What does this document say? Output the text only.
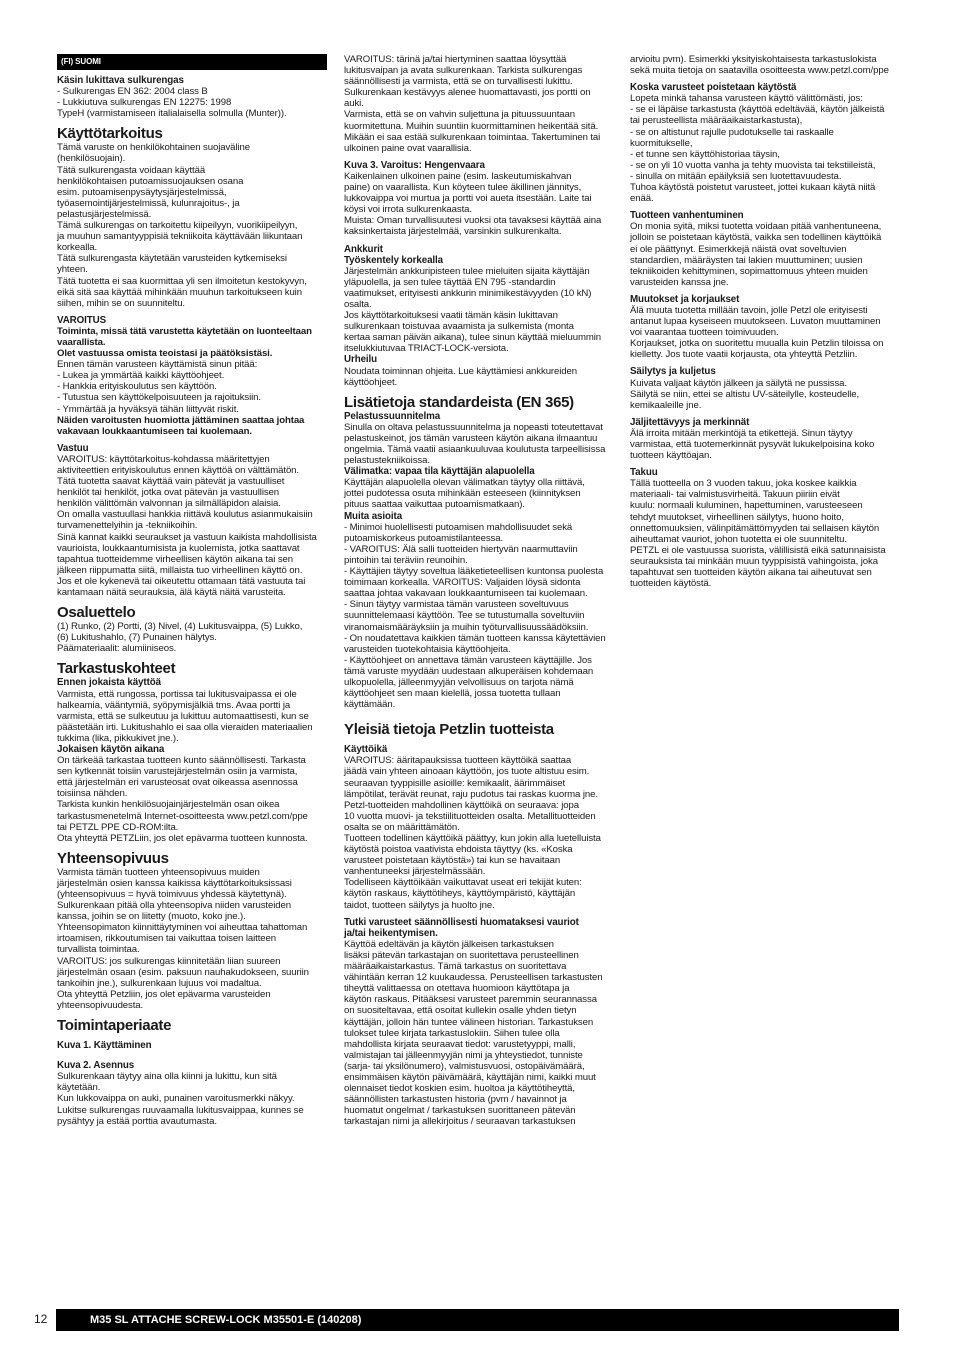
(FI) SUOMI

Käsin lukittava sulkurengas

- Sulkurengas EN 362: 2004 class B
- Lukkiutuva sulkurengas EN 12275: 1998
TypeH (varmistamiseen italialaisella solmulla (Munter)).

Käyttötarkoitus

Tämä varuste on henkilökohtainen suojaväline
(henkilösuojain).
Tätä sulkurengasta voidaan käyttää
henkilökohtaisen putoamissuojauksen osana
esim. putoamisenpysäytysjärjestelmissä,
työasemointijärjestelmissä, kulunrajoitus-, ja
pelastusjärjestelmissä.
Tämä sulkurengas on tarkoitettu kiipeilyyn, vuorikiipeilyyn,
ja muuhun samantyyppisiä tekniikoita käyttävään liikuntaan
korkealla.
Tätä sulkurengasta käytetään varusteiden kytkemiseksi
yhteen.
Tätä tuotetta ei saa kuormittaa yli sen ilmoitetun kestokyvyn,
eikä sitä saa käyttää mihinkään muuhun tarkoitukseen kuin
siihen, mihin se on suunniteltu.

VAROITUS

Toiminta, missä tätä varustetta käytetään on luonteeltaan
vaarallista.
Olet vastuussa omista teoistasi ja päätöksistäsi.

Ennen tämän varusteen käyttämistä sinun pitää:
- Lukea ja ymmärtää kaikki käyttöohjeet.
- Hankkia erityiskoulutus sen käyttöön.
- Tutustua sen käyttökelpoisuuteen ja rajoituksiin.
- Ymmärtää ja hyväksyä tähän liittyvät riskit.

Näiden varoitusten huomiotta jättäminen saattaa johtaa
vakavaan loukkaantumiseen tai kuolemaan.

Vastuu

VAROITUS: käyttötarkoitus-kohdassa määritettyjen
aktiviteettien erityiskoulutus ennen käyttöä on välttämätön.
Tätä tuotetta saavat käyttää vain pätevät ja vastuulliset
henkilöt tai henkilöt, jotka ovat pätevän ja vastuullisen
henkilön välittömän valvonnan ja silmälläpidon alaisia.
On omalla vastuullasi hankkia riittävä koulutus asianmukaisiin
turvamenettelyihin ja -tekniikoihin.
Sinä kannat kaikki seuraukset ja vastuun kaikista mahdollisista
vaurioista, loukkaantumisista ja kuolemista, jotka saattavat
tapahtua tuotteidemme virheellisen käytön aikana tai sen
jälkeen riippumatta siitä, millaista tuo virheellinen käyttö on.
Jos et ole kykenevä tai oikeutettu ottamaan tätä vastuuta tai
kantamaan näitä seurauksia, älä käytä näitä varusteita.

Osaluettelo

(1) Runko, (2) Portti, (3) Nivel, (4) Lukitusvaippa, (5) Lukko,
(6) Lukitushahlo, (7) Punainen hälytys.
Päämateriaalit: alumiiniseos.

Tarkastuskohteet

Ennen jokaista käyttöä

Varmista, että rungossa, portissa tai lukitusvaipassa ei ole
halkeamia, vääntymiä, syöpymisjälkiä tms. Avaa portti ja
varmista, että se sulkeutuu ja lukittuu automaattisesti, kun se
päästetään irti. Lukitushahlo ei saa olla vieraiden materiaalien
tukkima (lika, pikkukivet jne.).

Jokaisen käytön aikana

On tärkeää tarkastaa tuotteen kunto säännöllisesti. Tarkasta
sen kytkennät toisiin varustejärjestelmän osiin ja varmista,
että järjestelmän eri varusteosat ovat oikeassa asennossa
toisiinsa nähden.
Tarkista kunkin henkilösuojainjärjestelmän osan oikea
tarkastusmenetelmä Internet-osoitteesta www.petzl.com/ppe
tai PETZL PPE CD-ROM:ilta.
Ota yhteyttä PETZLiin, jos olet epävarma tuotteen kunnosta.

Yhteensopivuus

Varmista tämän tuotteen yhteensopivuus muiden
järjestelmän osien kanssa kaikissa käyttötarkoituksissasi
(yhteensopivuus = hyvä toimivuus yhdessä käytettynä).
Sulkurenkaan pitää olla yhteensopiva niiden varusteiden
kanssa, joihin se on liitetty (muoto, koko jne.).
Yhteensopimaton kiinnittäytyminen voi aiheuttaa tahattoman
irtoamisen, rikkoutumisen tai vaikuttaa toisen laitteen
turvallista toimintaa.
VAROITUS: jos sulkurengas kiinnitetään liian suureen
järjestelmän osaan (esim. paksuun nauhakudokseen, suuriin
tankoihin jne.), sulkurenkaan lujuus voi madaltua.
Ota yhteyttä Petzliin, jos olet epävarma varusteiden
yhteensopivuudesta.

Toimintaperiaate

Kuva 1. Käyttäminen

Kuva 2. Asennus

Sulkurenkaan täytyy aina olla kiinni ja lukittu, kun sitä
käytetään.
Kun lukkovaippa on auki, punainen varoitusmerkki näkyy.
Lukitse sulkurengas ruuvaamalla lukitusvaippaa, kunnes se
pysähtyy ja estää porttia avautumasta.

VAROITUS: tärinä ja/tai hiertyminen saattaa löysyttää
lukitusvaipan ja avata sulkurenkaan. Tarkista sulkurengas
säännöllisesti ja varmista, että se on turvallisesti lukittu.
Sulkurenkaan kestävyys alenee huomattavasti, jos portti on auki.
Varmista, että se on vahvin suljettuna ja pituussuuntaan
kuormitettuna. Muihin suuntiin kuormittaminen heikentää sitä.
Mikään ei saa estää sulkurenkaan toimintaa. Takertuminen tai
ulkoinen paine ovat vaarallisia.

Kuva 3. Varoitus: Hengenvaara

Kaikenlainen ulkoinen paine (esim. laskeutumiskahvan
paine) on vaarallista. Kun köyteen tulee äkillinen jännitys,
lukkovaippa voi murtua ja portti voi aueta itsestään. Laite tai
köysi voi irrota sulkurenkaasta.
Muista: Oman turvallisuutesi vuoksi ota tavaksesi käyttää aina
kaksinkertaista järjestelmää, varsinkin sulkurenkalta.

Ankkurit

Työskentely korkealla

Järjestelmän ankkuripisteen tulee mieluiten sijaita käyttäjän
yläpuolella, ja sen tulee täyttää EN 795 -standardin
vaatimukset, erityisesti ankkurin minimikestävyyden (10 kN)
osalta.
Jos käyttötarkoituksesi vaatii tämän käsin lukittavan
sulkurenkaan toistuvaa avaamista ja sulkemista (monta
kertaa saman päivän aikana), tulee sinun käyttää mieluummin
itselukkiutuvaa TRIACT-LOCK-versiota.

Urheilu

Noudata toiminnan ohjeita. Lue käyttämiesi ankkureiden
käyttöohjeet.

Lisätietoja standardeista (EN 365)

Pelastussuunnitelma

Sinulla on oltava pelastussuunnitelma ja nopeasti toteutettavat
pelastuskeinot, jos tämän varusteen käytön aikana ilmaantuu
ongelmia. Tämä vaatii asiaankuuluvaa koulutusta tarpeellisissa
pelastustekniikoissa.

Välimatka: vapaa tila käyttäjän alapuolella

Käyttäjän alapuolella olevan välimatkan täytyy olla riittävä,
jottei pudotessa osuta mihinkään esteeseen (kiinnityksen
pituus saattaa vaikuttaa putoamismatkaan).

Muita asioita

- Minimoi huolellisesti putoamisen mahdollisuudet sekä
putoamiskorkeus putoamistilanteessa.
- VAROITUS: Älä salli tuotteiden hiertyvän naarmuttaviin
pintoihin tai teräviin reunoihin.
- Käyttäjien täytyy soveltua lääketieteellisen kuntonsa puolesta
toimimaan korkealla. VAROITUS: Valjaiden löysä sidonta
saattaa johtaa vakavaan loukkaantumiseen tai kuolemaan.
- Sinun täytyy varmistaa tämän varusteen soveltuvuus
suunnittelemaasi käyttöön. Tee se tutustumalla soveltuviin
viranomaismääräyksiin ja muihin työturvallisuussäädöksiin.
- On noudatettava kaikkien tämän tuotteen kanssa käytettävien
varusteiden tuotekohtaisia käyttöohjeita.
- Käyttöohjeet on annettava tämän varusteen käyttäjille. Jos
tämä varuste myydään uudestaan alkuperäisen kohdemaan
ulkopuolella, jälleenmyyjän velvollisuus on tarjota nämä
käyttöohjeet sen maan kielellä, jossa tuotetta tullaan
käyttämään.

Yleisiä tietoja Petzlin tuotteista

Käyttöikä

VAROITUS: ääritapauksissa tuotteen käyttöikä saattaa
jäädä vain yhteen ainoaan käyttöön, jos tuote altistuu esim.
seuraavan tyyppisille asioille: kemikaalit, äärimmäiset
lämpötilat, terävät reunat, raju pudotus tai raskas kuorma jne.
Petzl-tuotteiden mahdollinen käyttöikä on seuraava: jopa
10 vuotta muovi- ja tekstiilituotteiden osalta. Metallituotteiden
osalta se on määrittämätön.
Tuotteen todellinen käyttöikä päättyy, kun jokin alla luetelluista
käytöstä poistoa vaativista ehdoista täyttyy (ks. «Koska
varusteet poistetaan käytöstä») tai kun se havaitaan
vanhentuneeksi järjestelmässään.
Todelliseen käyttöikään vaikuttavat useat eri tekijät kuten:
käytön raskaus, käyttötiheys, käyttöympäristö, käyttäjän
taidot, tuotteen säilytys ja huolto jne.

Tutki varusteet säännöllisesti huomataksesi vauriot
ja/tai heikentymisen.

Käyttöä edeltävän ja käytön jälkeisen tarkastuksen
lisäksi pätevän tarkastajan on suoritettava perusteellinen
määräaikaistarkastus. Tämä tarkastus on suoritettava
vähintään kerran 12 kuukaudessa. Perusteellisen tarkastusten
tiheyttä valittaessa on otettava huomioon käyttötapa ja
käytön raskaus. Pitääksesi varusteet paremmin seurannassa
on suositeltavaa, että osoitat kullekin osalle yhden tietyn
käyttäjän, jolloin hän tuntee välineen historian. Tarkastuksen
tulokset tulee kirjata tarkastuslokiin. Siihen tulee olla
mahdollista kirjata seuraavat tiedot: varustetyyppi, malli,
valmistajan tai jälleenmyyjän nimi ja yhteystiedot, tunniste
(sarja- tai yksilönumero), valmistusvuosi, ostopäivämäärä,
ensimmäisen käytön päivämäärä, käyttäjän nimi, kaikki muut
olennaiset tiedot koskien esim. huoltoa ja käyttötiheyttä,
säännöllisten tarkastusten historia (pvm / havainnot ja
huomatut ongelmat / tarkastuksen suorittaneen pätevän
tarkastajan nimi ja allekirjoitus / seuraavan tarkastuksen

arvioitu pvm). Esimerkki yksityiskohtaisesta tarkastuslokista
sekä muita tietoja on saatavilla osoitteesta www.petzl.com/ppe

Koska varusteet poistetaan käytöstä

Lopeta minkä tahansa varusteen käyttö välittömästi, jos:
- se ei läpäise tarkastusta (käyttöä edeltävää, käytön jälkeistä
tai perusteellista määräaikaistarkastusta),
- se on altistunut rajulle pudotukselle tai raskaalle
kuormitukselle,
- et tunne sen käyttöhistoriaa täysin,
- se on yli 10 vuotta vanha ja tehty muovista tai tekstiileistä,
- sinulla on mitään epäilyksiä sen luotettavuudesta.
Tuhoa käytöstä poistetut varusteet, jottei kukaan käytä niitä
enää.

Tuotteen vanhentuminen

On monia syitä, miksi tuotetta voidaan pitää vanhentuneena,
jolloin se poistetaan käytöstä, vaikka sen todellinen käyttöikä
ei ole päättynyt. Esimerkkejä näistä ovat soveltuvien
standardien, määräysten tai lakien muuttuminen; uusien
tekniikoiden kehittyminen, sopimattomuus yhteen muiden
varusteiden kanssa jne.

Muutokset ja korjaukset

Älä muuta tuotetta millään tavoin, jolle Petzl ole erityisesti
antanut lupaa kyseiseen muutokseen. Luvaton muuttaminen
voi vaarantaa tuotteen toimivuuden.
Korjaukset, jotka on suoritettu muualla kuin Petzlin tiloissa on
kielletty. Jos tuote vaatii korjausta, ota yhteyttä Petzliin.

Säilytys ja kuljetus

Kuivata valjaat käytön jälkeen ja säilytä ne pussissa.
Säilytä se niin, ettei se altistu UV-säteilylle, kosteudelle,
kemikaaleille jne.

Jäljitettävyys ja merkinnät

Älä irroita mitään merkintöjä ta etikettejä. Sinun täytyy
varmistaa, että tuotemerkinnät pysyvät lukukelpoisina koko
tuotteen käyttöajan.

Takuu

Tällä tuotteella on 3 vuoden takuu, joka koskee kaikkia
materiaali- tai valmistusvirheitä. Takuun piiriin eivät
kuulu: normaali kuluminen, hapettuminen, varusteeseen
tehdyt muutokset, virheellinen säilytys, huono hoito,
onnettomuuksien, välinpitämättömyyden tai sellaisen käytön
aiheuttamat vauriot, johon tuotetta ei ole suunniteltu.
PETZL ei ole vastuussa suorista, välillisistä eikä satunnaisista
seurauksista tai minkään muun tyyppisistä vahingoista, joka
tapahtuvat sen tuotteiden käytön aikana tai aiheutuvat sen
tuotteiden käytöstä.

12	M35 SL ATTACHE SCREW-LOCK M35501-E (140208)
